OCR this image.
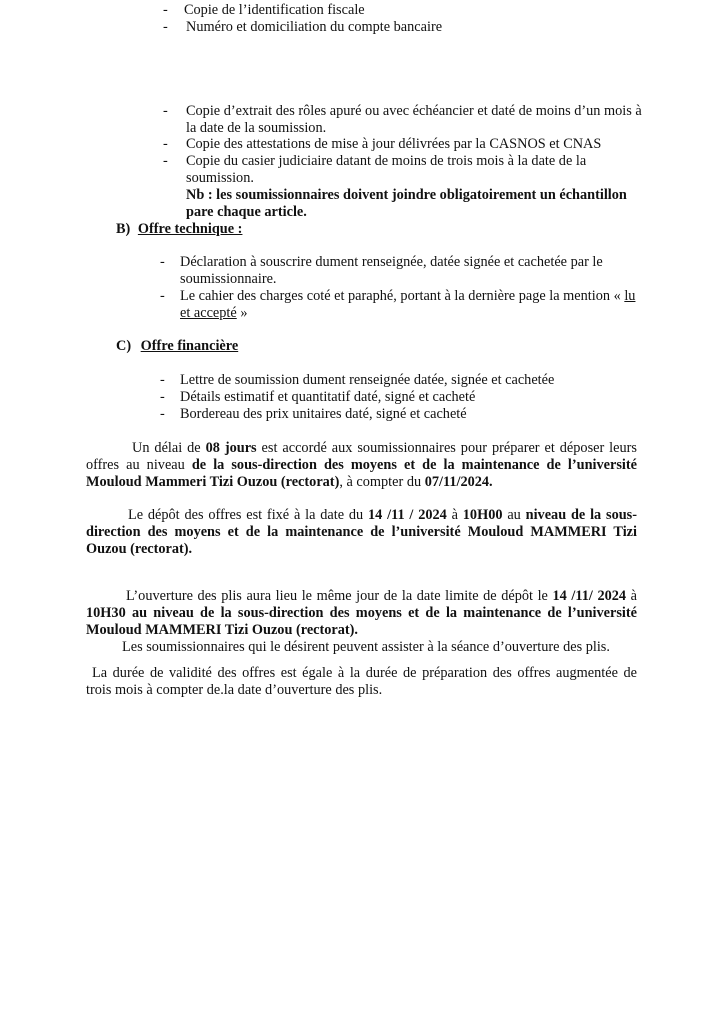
-	Copie de l’identification fiscale
-	Numéro et domiciliation du compte bancaire
-	Copie d’extrait des rôles apuré ou avec échéancier et daté de moins d’un mois à
la date de la soumission.
-	Copie des attestations de mise à jour délivrées par la CASNOS et CNAS
-	Copie du casier judiciaire datant de moins de trois mois à la date de la
soumission.
Nb : les soumissionnaires doivent joindre obligatoirement un échantillon
pare chaque article.
B) Offre technique :
-	Déclaration à souscrire dument renseignée, datée signée et cachetée par le
soumissionnaire.
-	Le cahier des charges coté et paraphé, portant à la dernière page la mention « lu
et accepté »
C) Offre financière
-	Lettre de soumission dument renseignée datée, signée et cachetée
-	Détails estimatif et quantitatif daté, signé et cacheté
-	Bordereau des prix unitaires daté, signé et cacheté
Un délai de 08 jours est accordé aux soumissionnaires pour préparer et déposer leurs
offres au niveau de la sous-direction des moyens et de la maintenance de l’université
Mouloud Mammeri Tizi Ouzou (rectorat), à compter du 07/11/2024.
Le dépôt des offres est fixé à la date du 14 /11 / 2024 à 10H00 au niveau de la sous-
direction des moyens et de la maintenance de l’université Mouloud MAMMERI Tizi
Ouzou (rectorat).
L’ouverture des plis aura lieu le même jour de la date limite de dépôt le 14 /11/ 2024 à
10H30 au niveau de la sous-direction des moyens et de la maintenance de l’université
Mouloud MAMMERI Tizi Ouzou (rectorat).
Les soumissionnaires qui le désirent peuvent assister à la séance d’ouverture des plis.
La durée de validité des offres est égale à la durée de préparation des offres augmentée de
trois mois à compter de.la date d’ouverture des plis.
